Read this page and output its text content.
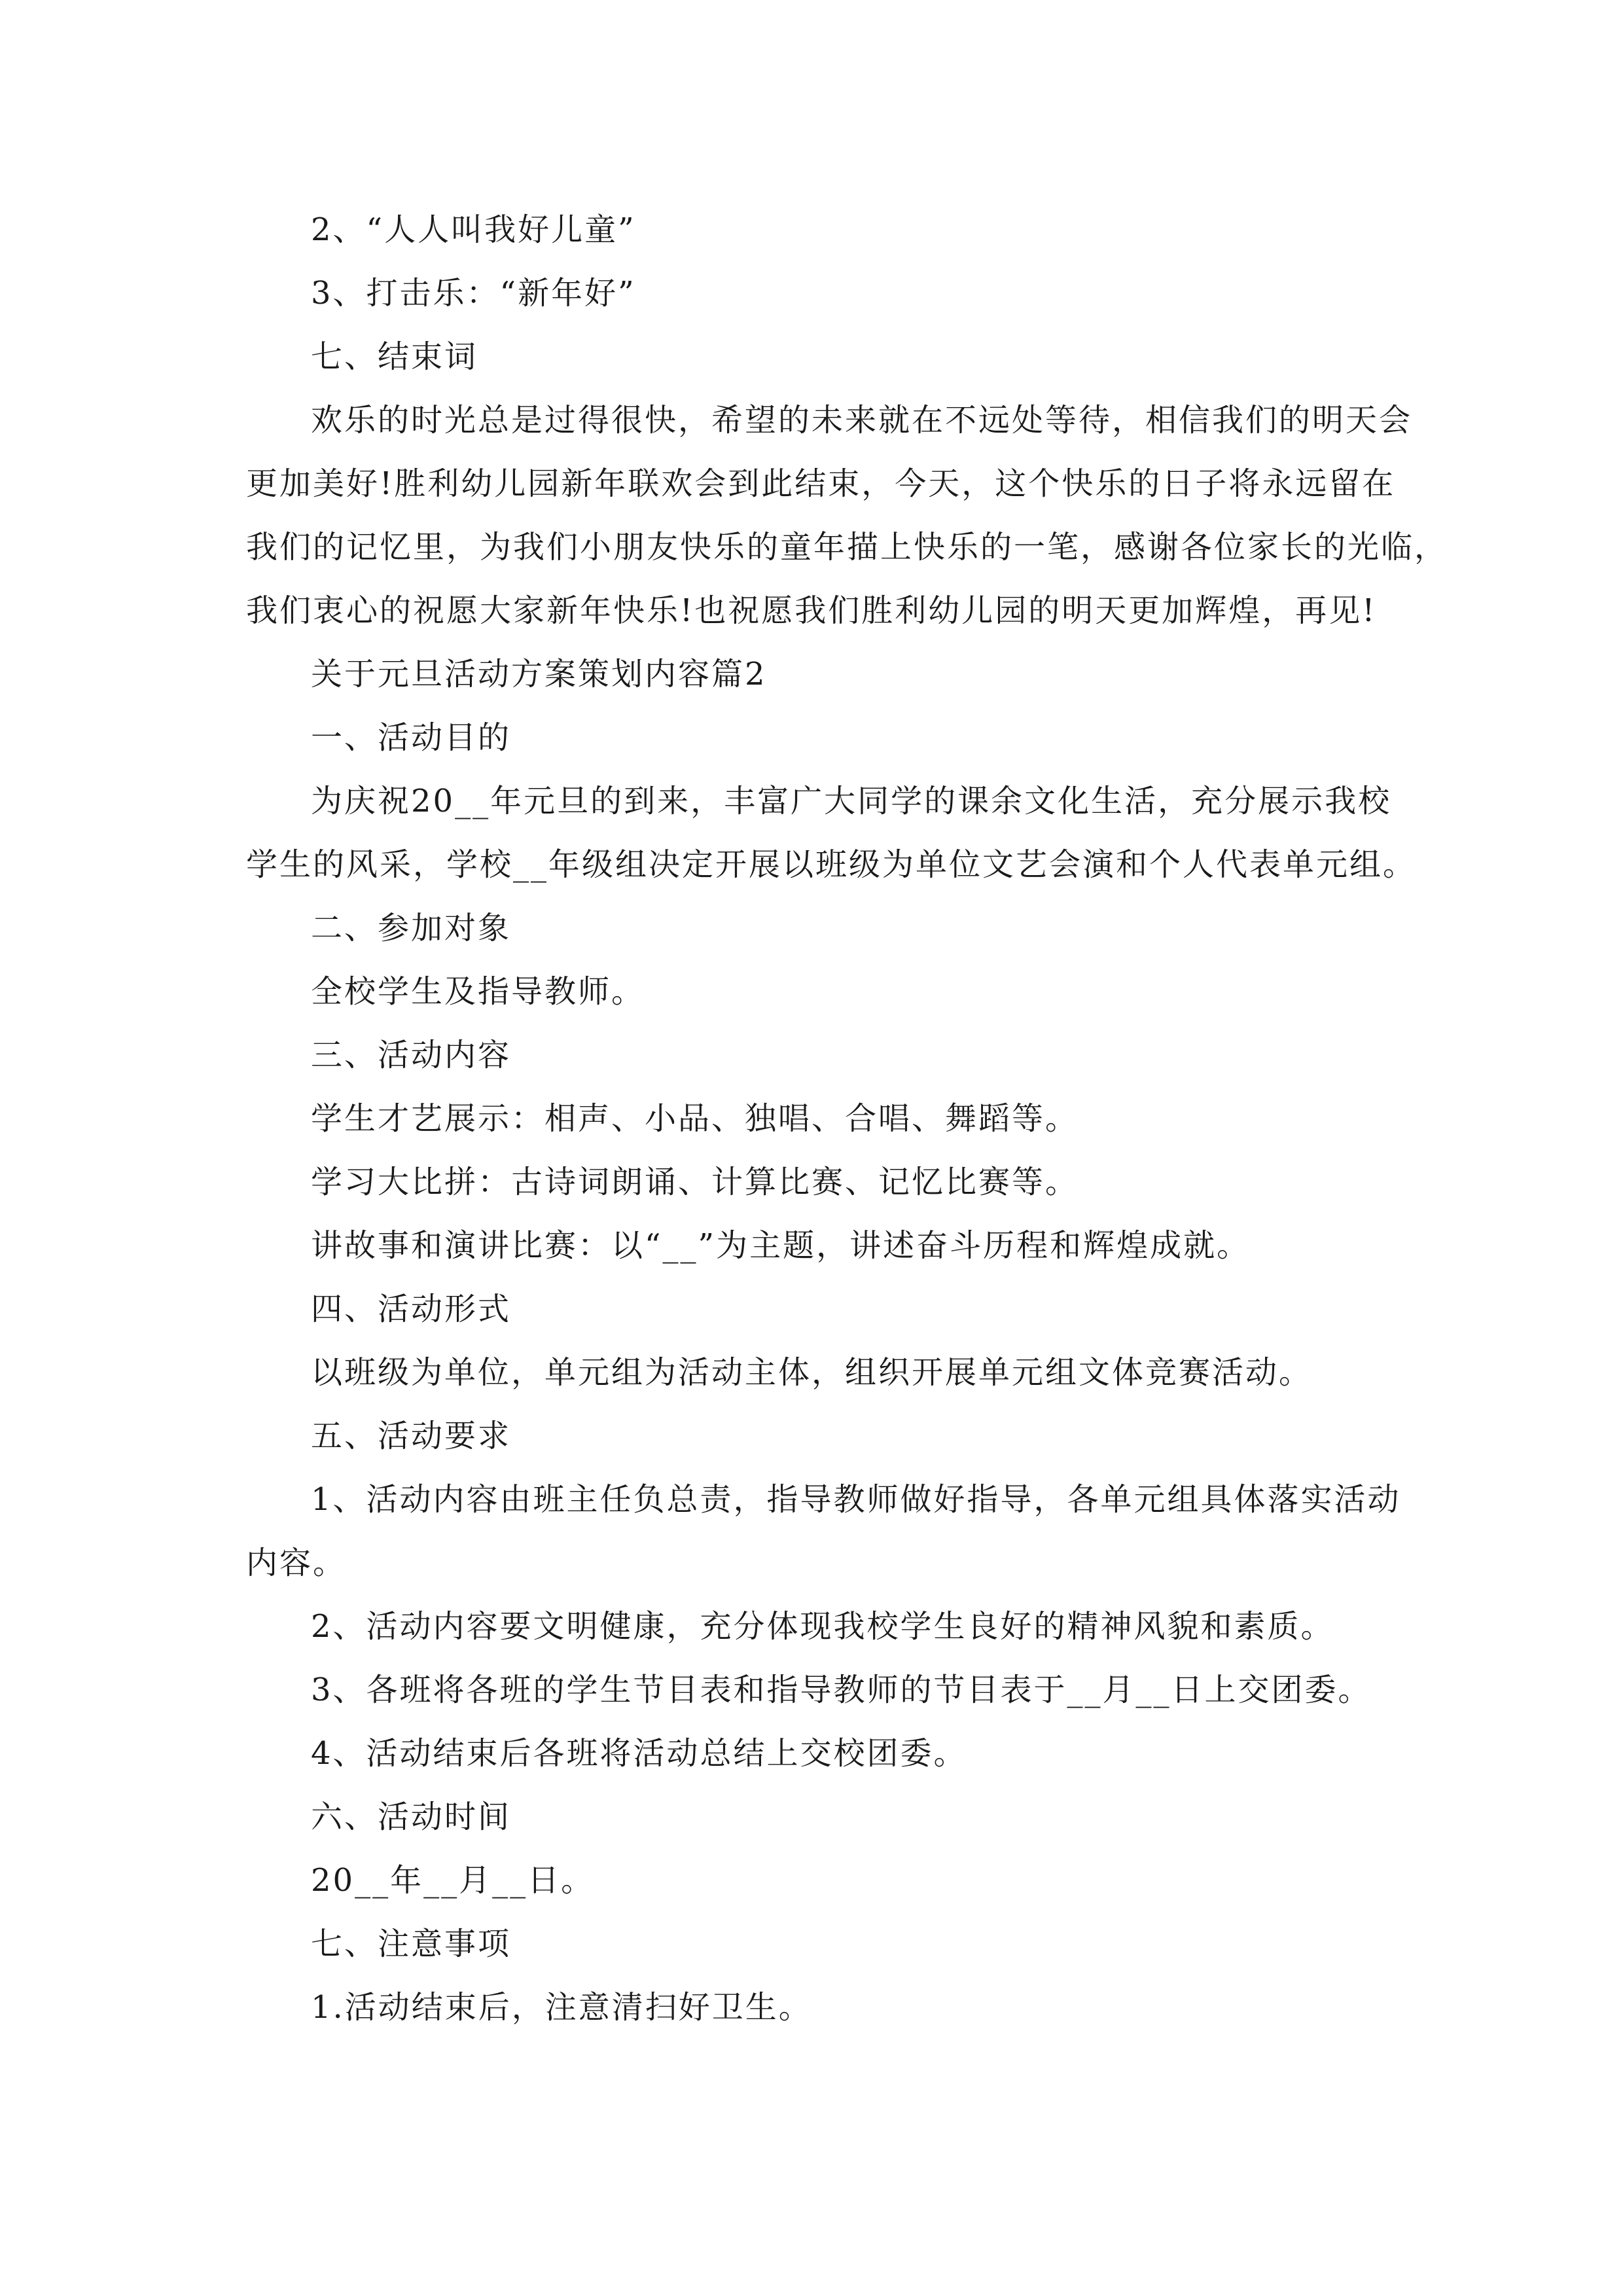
2、“人人叫我好儿童”
3、打击乐：“新年好”
七、结束词
欢乐的时光总是过得很快，希望的未来就在不远处等待，相信我们的明天会
更加美好!胜利幼儿园新年联欢会到此结束，今天，这个快乐的日子将永远留在
我们的记忆里，为我们小朋友快乐的童年描上快乐的一笔，感谢各位家长的光临，
我们衷心的祝愿大家新年快乐!也祝愿我们胜利幼儿园的明天更加辉煌，再见!
关于元旦活动方案策划内容篇2
一、活动目的
为庆祝20__年元旦的到来，丰富广大同学的课余文化生活，充分展示我校
学生的风采，学校__年级组决定开展以班级为单位文艺会演和个人代表单元组。
二、参加对象
全校学生及指导教师。
三、活动内容
学生才艺展示：相声、小品、独唱、合唱、舞蹈等。
学习大比拼：古诗词朗诵、计算比赛、记忆比赛等。
讲故事和演讲比赛：以“__”为主题，讲述奋斗历程和辉煌成就。
四、活动形式
以班级为单位，单元组为活动主体，组织开展单元组文体竞赛活动。
五、活动要求
1、活动内容由班主任负总责，指导教师做好指导，各单元组具体落实活动
内容。
2、活动内容要文明健康，充分体现我校学生良好的精神风貌和素质。
3、各班将各班的学生节目表和指导教师的节目表于__月__日上交团委。
4、活动结束后各班将活动总结上交校团委。
六、活动时间
20__年__月__日。
七、注意事项
1.活动结束后，注意清扫好卫生。
